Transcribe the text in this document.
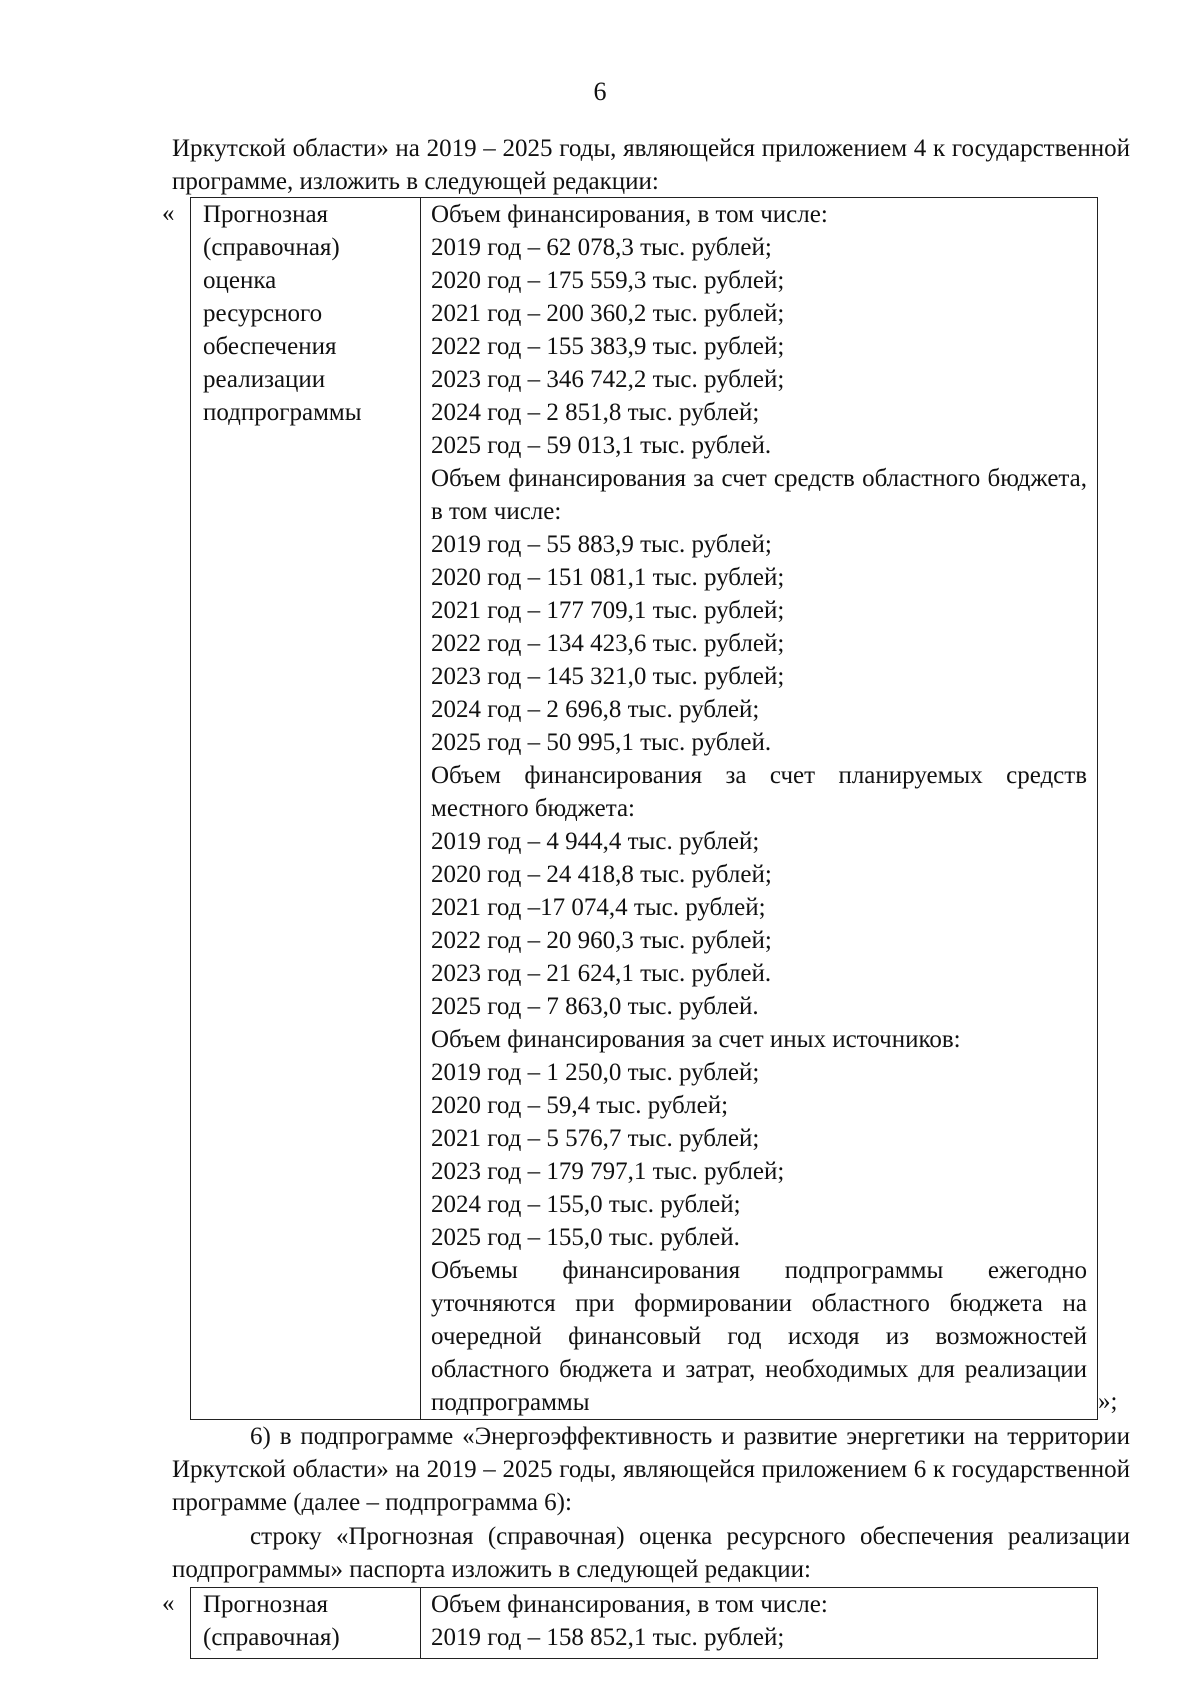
6
Иркутской области» на 2019 – 2025 годы, являющейся приложением 4 к государственной программе, изложить в следующей редакции:
« Прогнозная
(справочная)
оценка
ресурсного
обеспечения
реализации
подпрограммы
Объем финансирования, в том числе:
2019 год – 62 078,3 тыс. рублей;
2020 год – 175 559,3 тыс. рублей;
2021 год – 200 360,2 тыс. рублей;
2022 год – 155 383,9 тыс. рублей;
2023 год – 346 742,2 тыс. рублей;
2024 год – 2 851,8 тыс. рублей;
2025 год – 59 013,1 тыс. рублей.
Объем финансирования за счет средств областного бюджета, в том числе:
2019 год – 55 883,9 тыс. рублей;
2020 год – 151 081,1 тыс. рублей;
2021 год – 177 709,1 тыс. рублей;
2022 год – 134 423,6 тыс. рублей;
2023 год – 145 321,0 тыс. рублей;
2024 год – 2 696,8 тыс. рублей;
2025 год – 50 995,1 тыс. рублей.
Объем финансирования за счет планируемых средств местного бюджета:
2019 год – 4 944,4 тыс. рублей;
2020 год – 24 418,8 тыс. рублей;
2021 год –17 074,4 тыс. рублей;
2022 год – 20 960,3 тыс. рублей;
2023 год – 21 624,1 тыс. рублей.
2025 год – 7 863,0 тыс. рублей.
Объем финансирования за счет иных источников:
2019 год – 1 250,0 тыс. рублей;
2020 год – 59,4 тыс. рублей;
2021 год – 5 576,7 тыс. рублей;
2023 год – 179 797,1 тыс. рублей;
2024 год – 155,0 тыс. рублей;
2025 год – 155,0 тыс. рублей.
Объемы финансирования подпрограммы ежегодно уточняются при формировании областного бюджета на очередной финансовый год исходя из возможностей областного бюджета и затрат, необходимых для реализации подпрограммы	»;
6) в подпрограмме «Энергоэффективность и развитие энергетики на территории Иркутской области» на 2019 – 2025 годы, являющейся приложением 6 к государственной программе (далее – подпрограмма 6):
строку «Прогнозная (справочная) оценка ресурсного обеспечения реализации подпрограммы» паспорта изложить в следующей редакции:
« Прогнозная
(справочная)
Объем финансирования, в том числе:
2019 год – 158 852,1 тыс. рублей;
